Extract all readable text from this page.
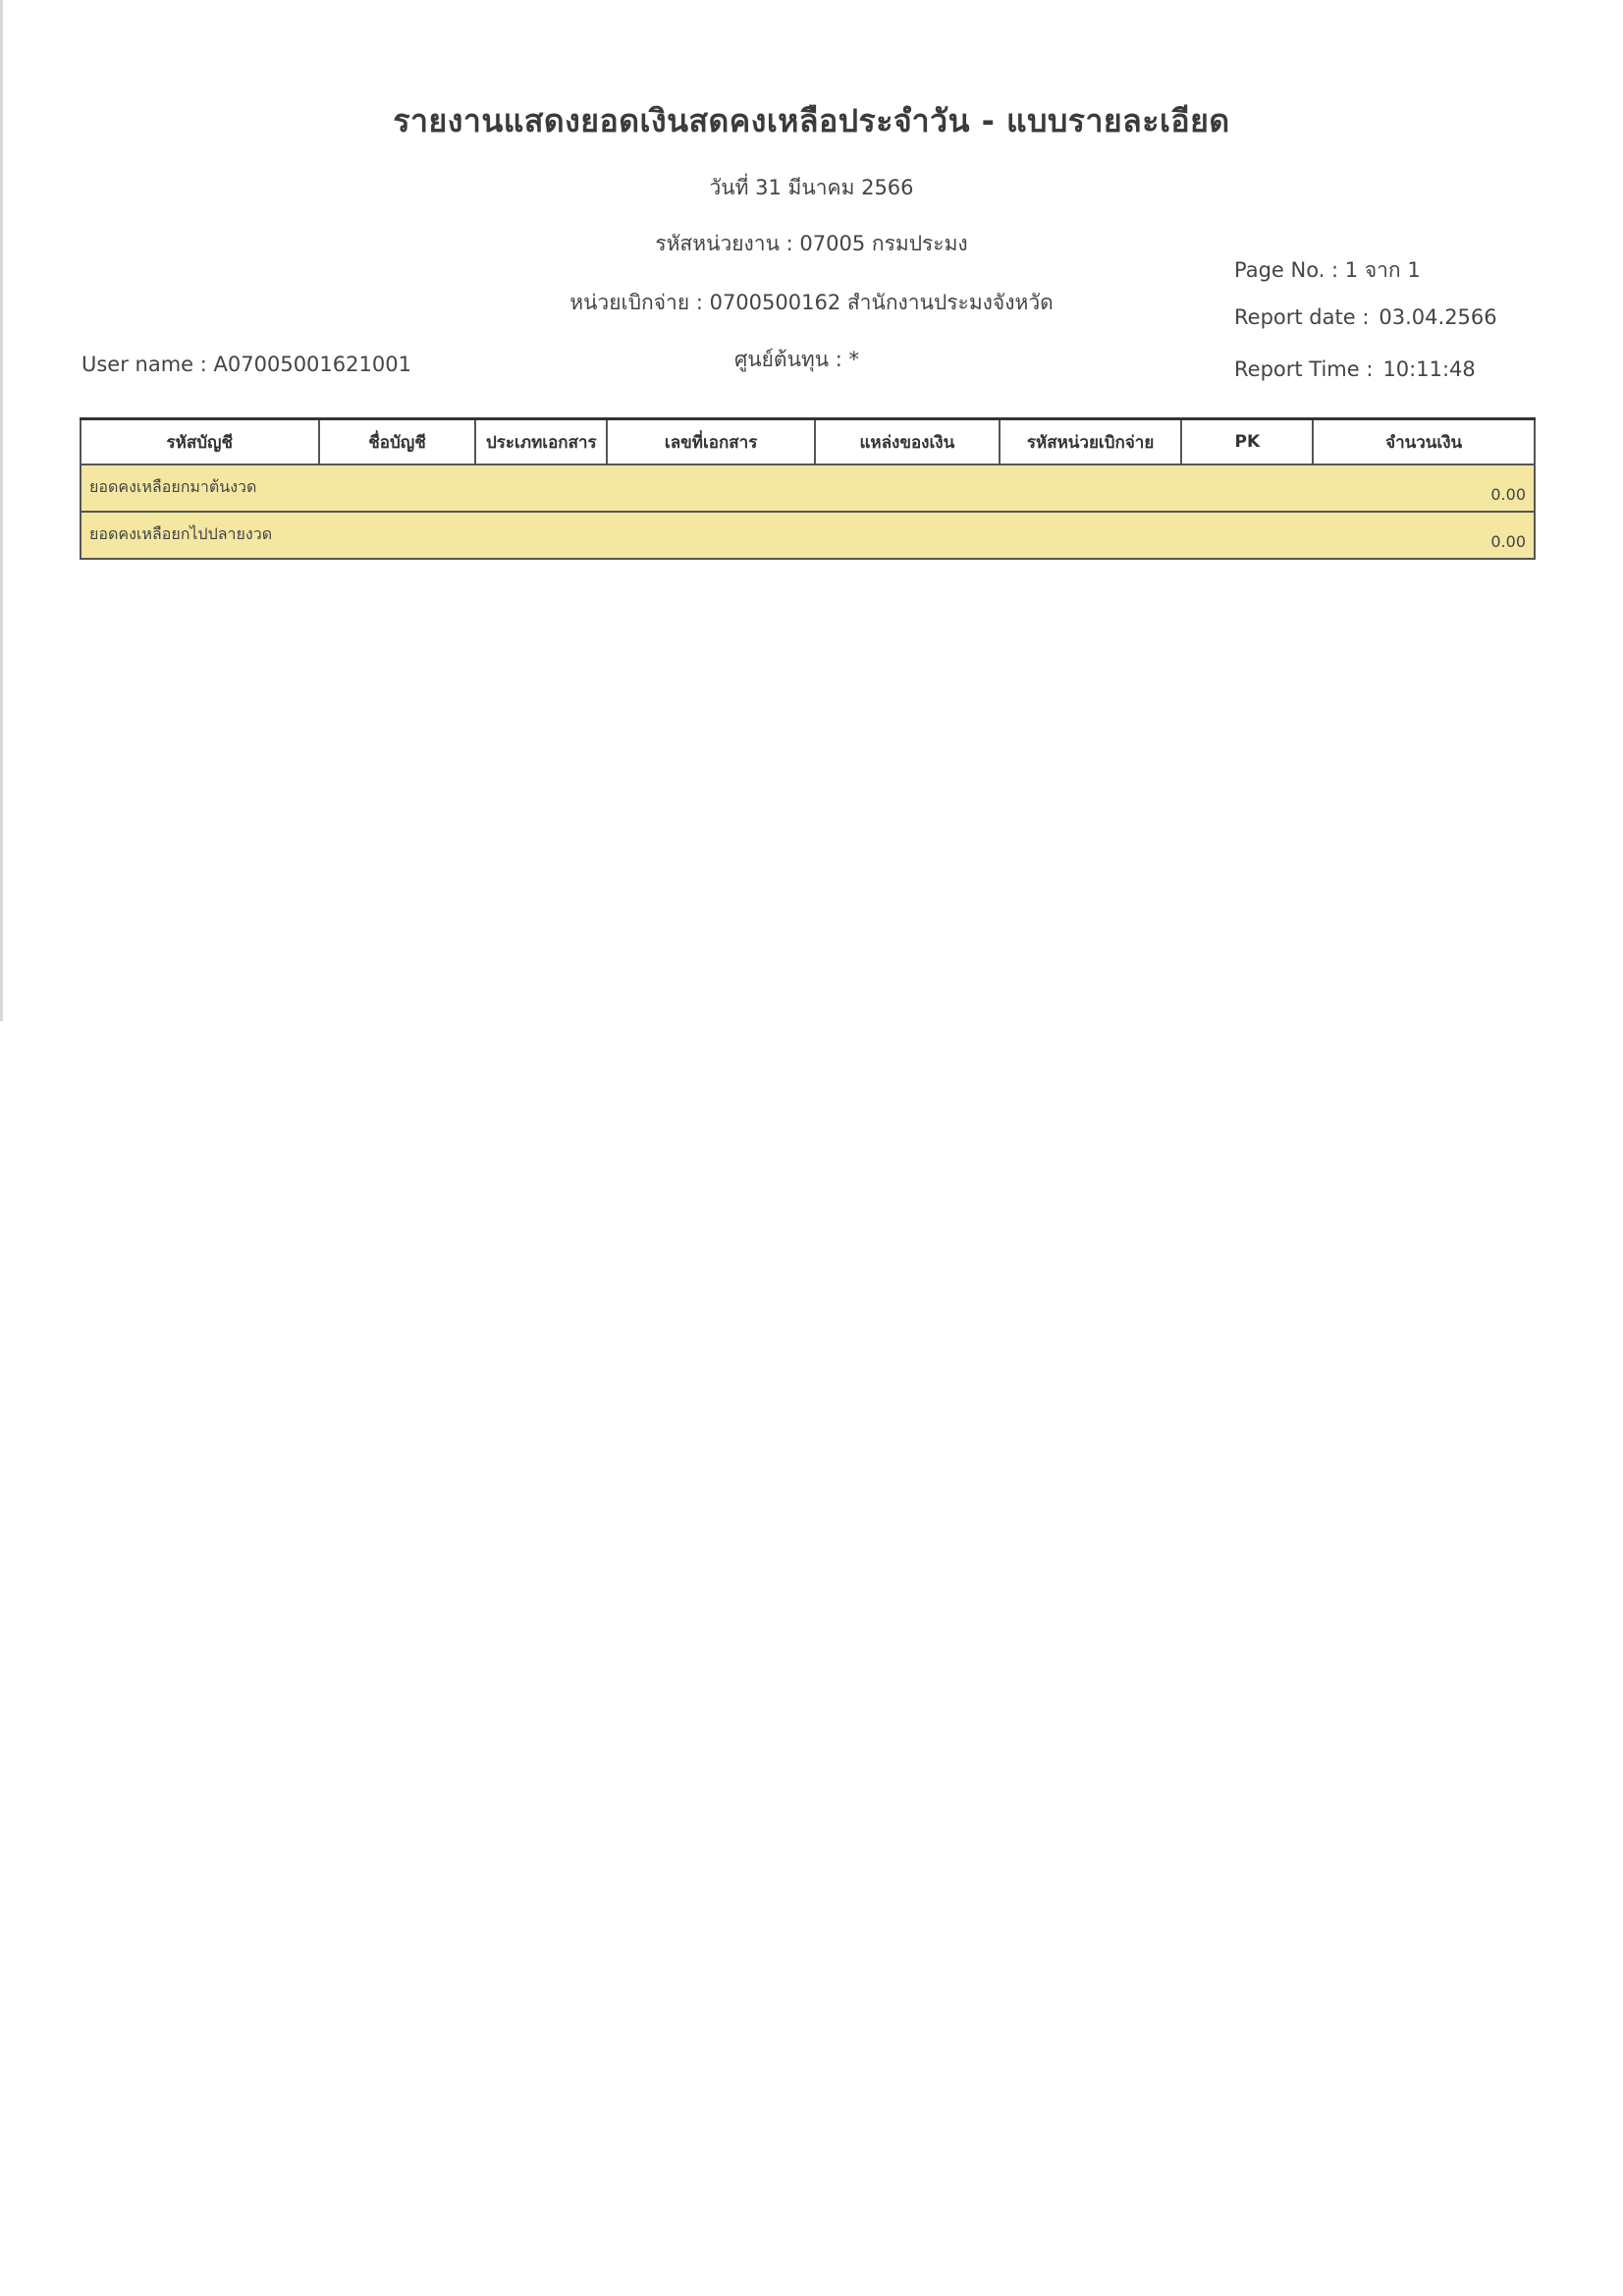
รายงานแสดงยอดเงินสดคงเหลือประจำวัน - แบบรายละเอียด
วันที่ 31 มีนาคม 2566
รหัสหน่วยงาน : 07005 กรมประมง
หน่วยเบิกจ่าย : 0700500162 สำนักงานประมงจังหวัด
ศูนย์ต้นทุน : *
User name : A07005001621001
Page No. : 1 จาก 1
Report date : 03.04.2566
Report Time : 10:11:48
รหัสบัญชี	ชื่อบัญชี	ประเภทเอกสาร	เลขที่เอกสาร	แหล่งของเงิน	รหัสหน่วยเบิกจ่าย	PK	จำนวนเงิน

ยอดคงเหลือยกมาต้นงวด	0.00

ยอดคงเหลือยกไปปลายงวด	0.00
